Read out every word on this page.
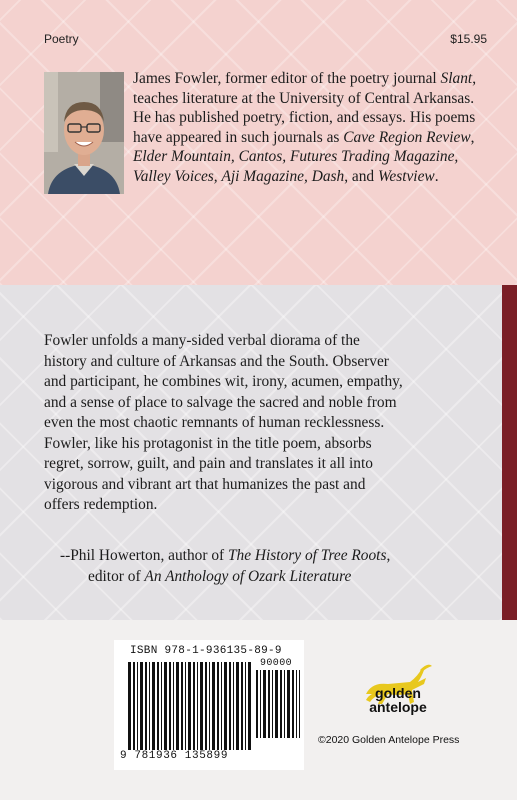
Poetry	$15.95
James Fowler, former editor of the poetry journal Slant, teaches literature at the University of Central Arkansas. He has published poetry, fiction, and essays. His poems have appeared in such journals as Cave Region Review, Elder Mountain, Cantos, Futures Trading Magazine, Valley Voices, Aji Magazine, Dash, and Westview.
Fowler unfolds a many-sided verbal diorama of the
history and culture of Arkansas and the South. Observer
and participant, he combines wit, irony, acumen, empathy,
and a sense of place to salvage the sacred and noble from
even the most chaotic remnants of human recklessness.
Fowler, like his protagonist in the title poem, absorbs
regret, sorrow, guilt, and pain and translates it all into
vigorous and vibrant art that humanizes the past and
offers redemption.
--Phil Howerton, author of The History of Tree Roots,
editor of An Anthology of Ozark Literature
ISBN 978-1-936135-89-9
90000
9 781936 135899
golden
antelope
©2020 Golden Antelope Press
